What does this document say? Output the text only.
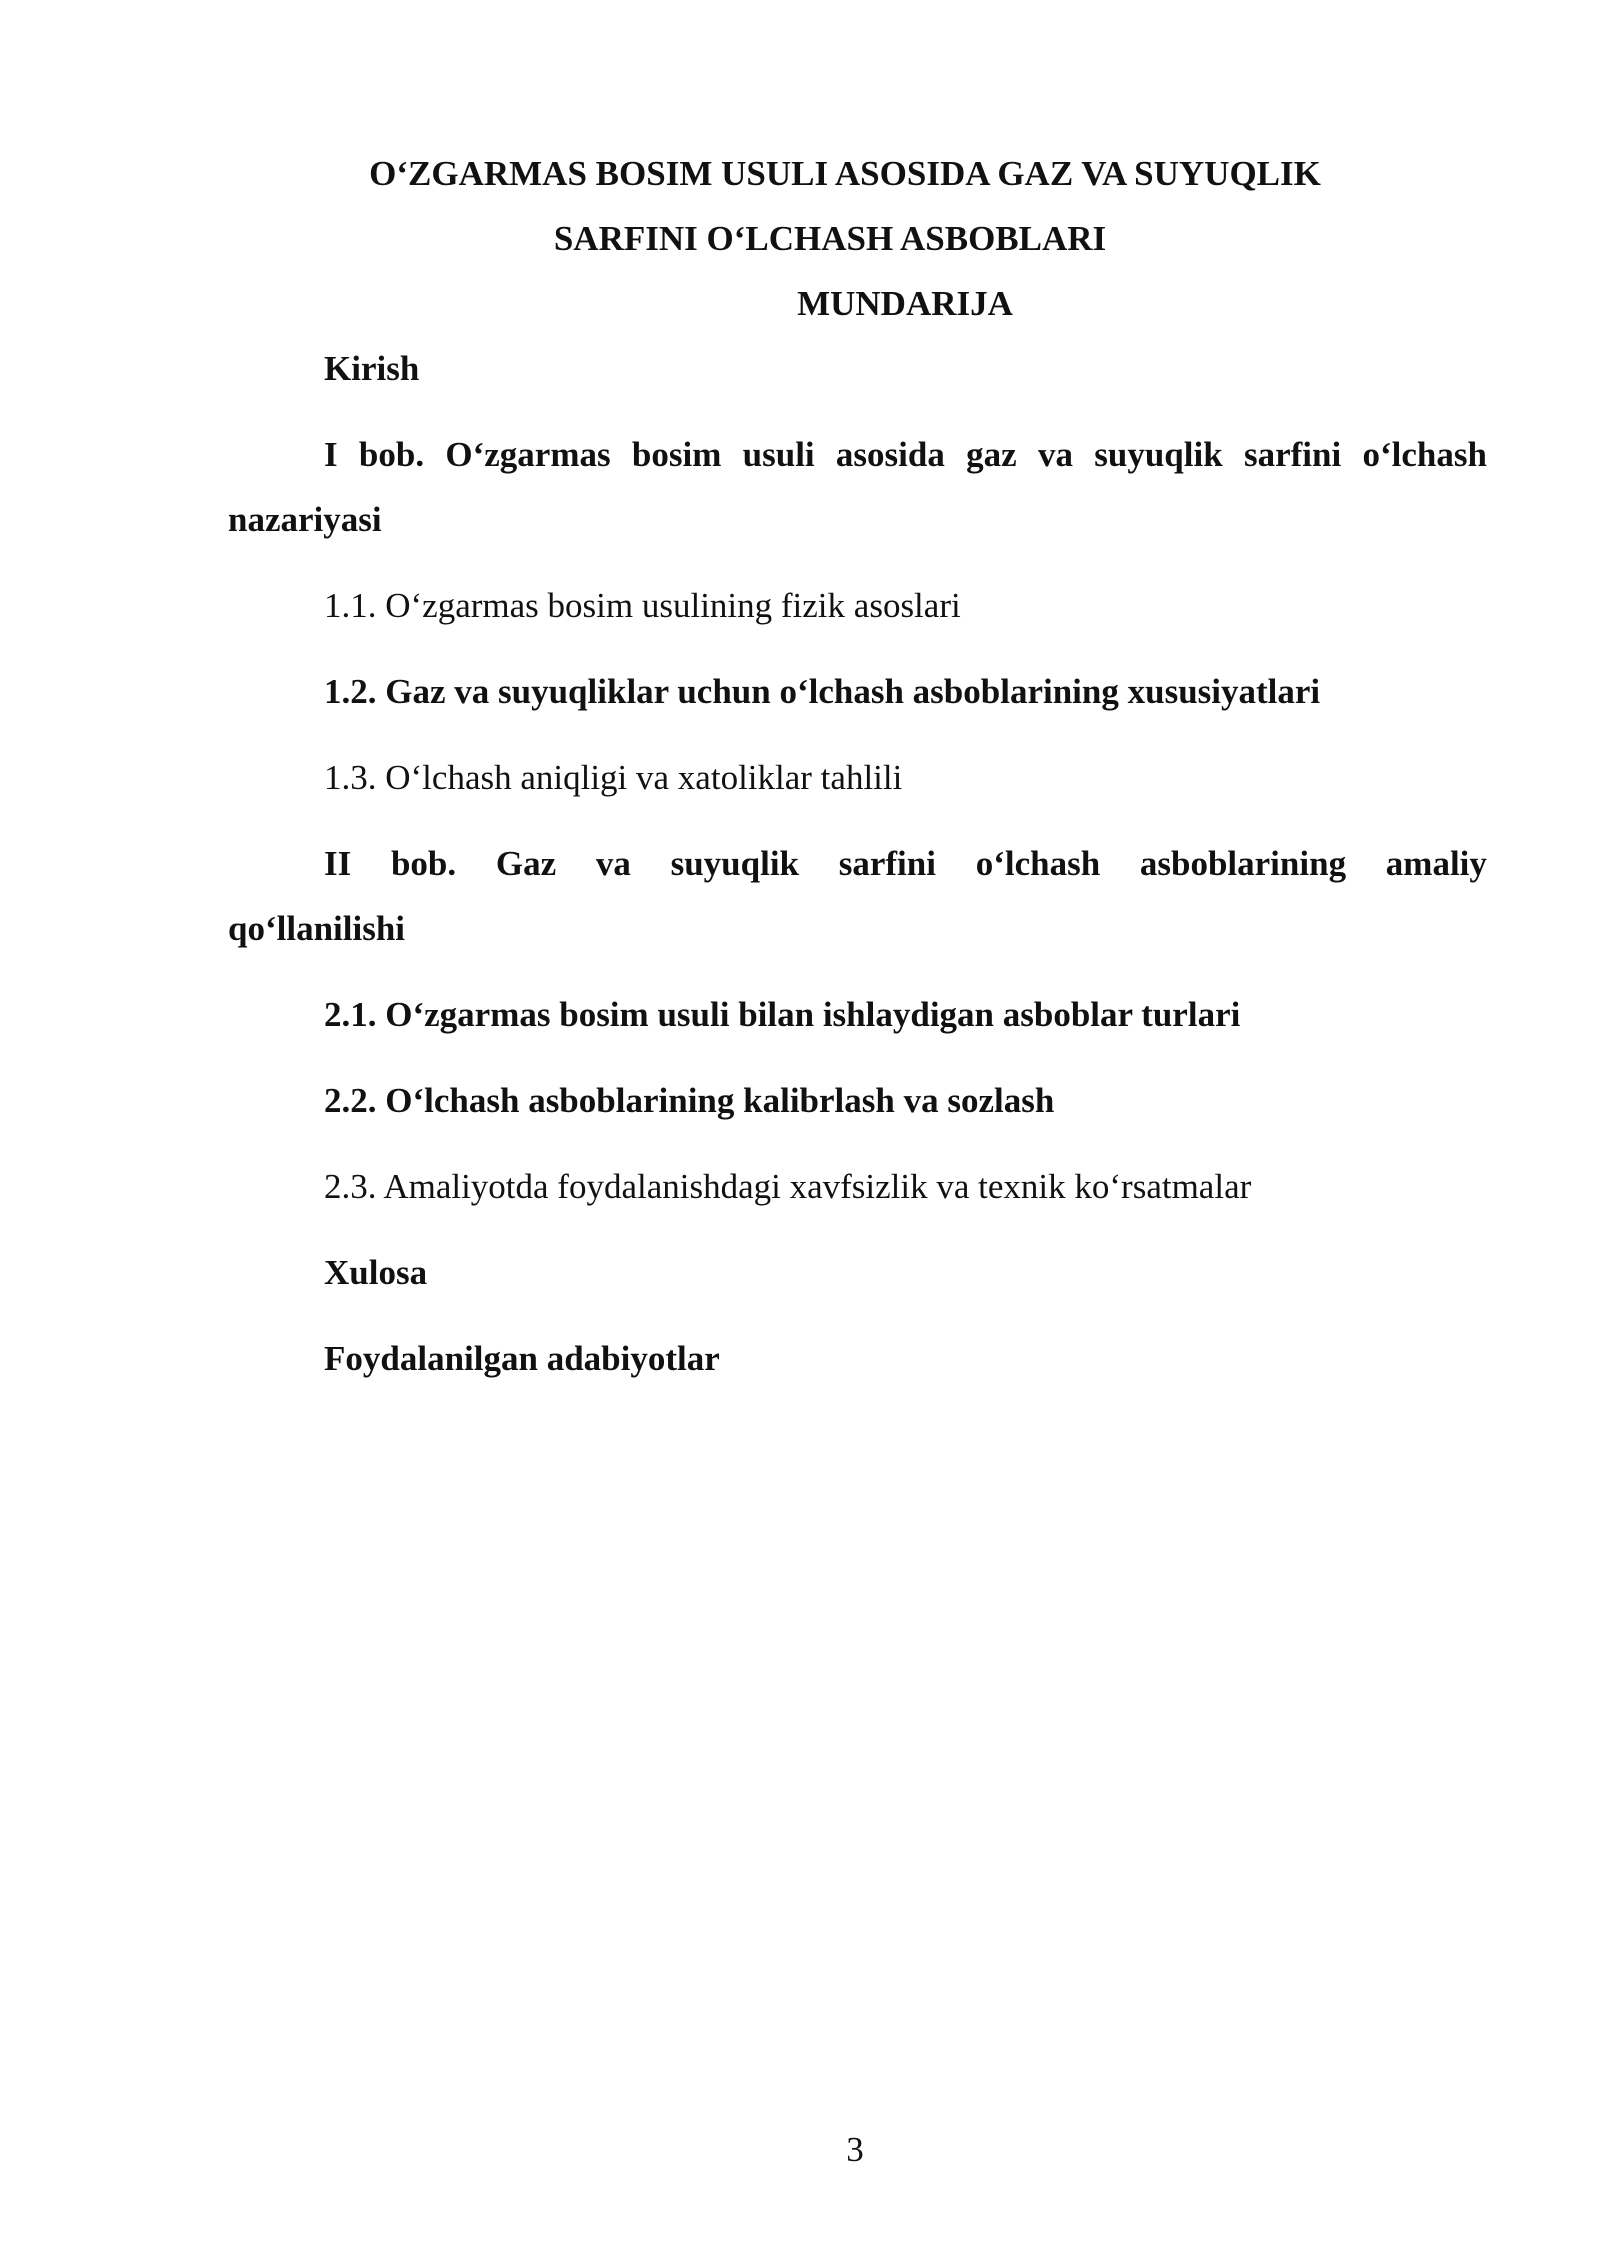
O‘ZGARMAS BOSIM USULI ASOSIDA GAZ VA SUYUQLIK
SARFINI O‘LCHASH ASBOBLARI
MUNDARIJA
Kirish
I bob. O‘zgarmas bosim usuli asosida gaz va suyuqlik sarfini o‘lchash
nazariyasi
1.1. O‘zgarmas bosim usulining fizik asoslari
1.2. Gaz va suyuqliklar uchun o‘lchash asboblarining xususiyatlari
1.3. O‘lchash aniqligi va xatoliklar tahlili
II bob. Gaz va suyuqlik sarfini o‘lchash asboblarining amaliy
qo‘llanilishi
2.1. O‘zgarmas bosim usuli bilan ishlaydigan asboblar turlari
2.2. O‘lchash asboblarining kalibrlash va sozlash
2.3. Amaliyotda foydalanishdagi xavfsizlik va texnik ko‘rsatmalar
Xulosa
Foydalanilgan adabiyotlar
3
